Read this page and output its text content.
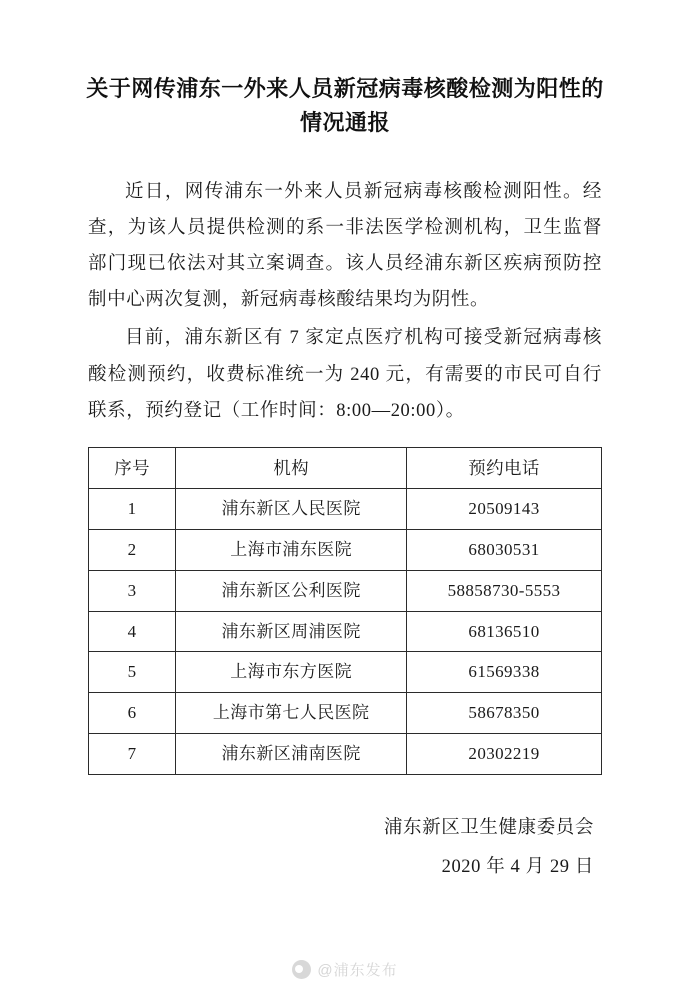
关于网传浦东一外来人员新冠病毒核酸检测为阳性的情况通报

近日，网传浦东一外来人员新冠病毒核酸检测阳性。经查，为该人员提供检测的系一非法医学检测机构，卫生监督部门现已依法对其立案调查。该人员经浦东新区疾病预防控制中心两次复测，新冠病毒核酸结果均为阴性。

目前，浦东新区有 7 家定点医疗机构可接受新冠病毒核酸检测预约，收费标准统一为 240 元，有需要的市民可自行联系，预约登记（工作时间：8:00—20:00）。

序号	机构	预约电话
1	浦东新区人民医院	20509143
2	上海市浦东医院	68030531
3	浦东新区公利医院	58858730-5553
4	浦东新区周浦医院	68136510
5	上海市东方医院	61569338
6	上海市第七人民医院	58678350
7	浦东新区浦南医院	20302219
浦东新区卫生健康委员会
2020 年 4 月 29 日
@浦东发布
